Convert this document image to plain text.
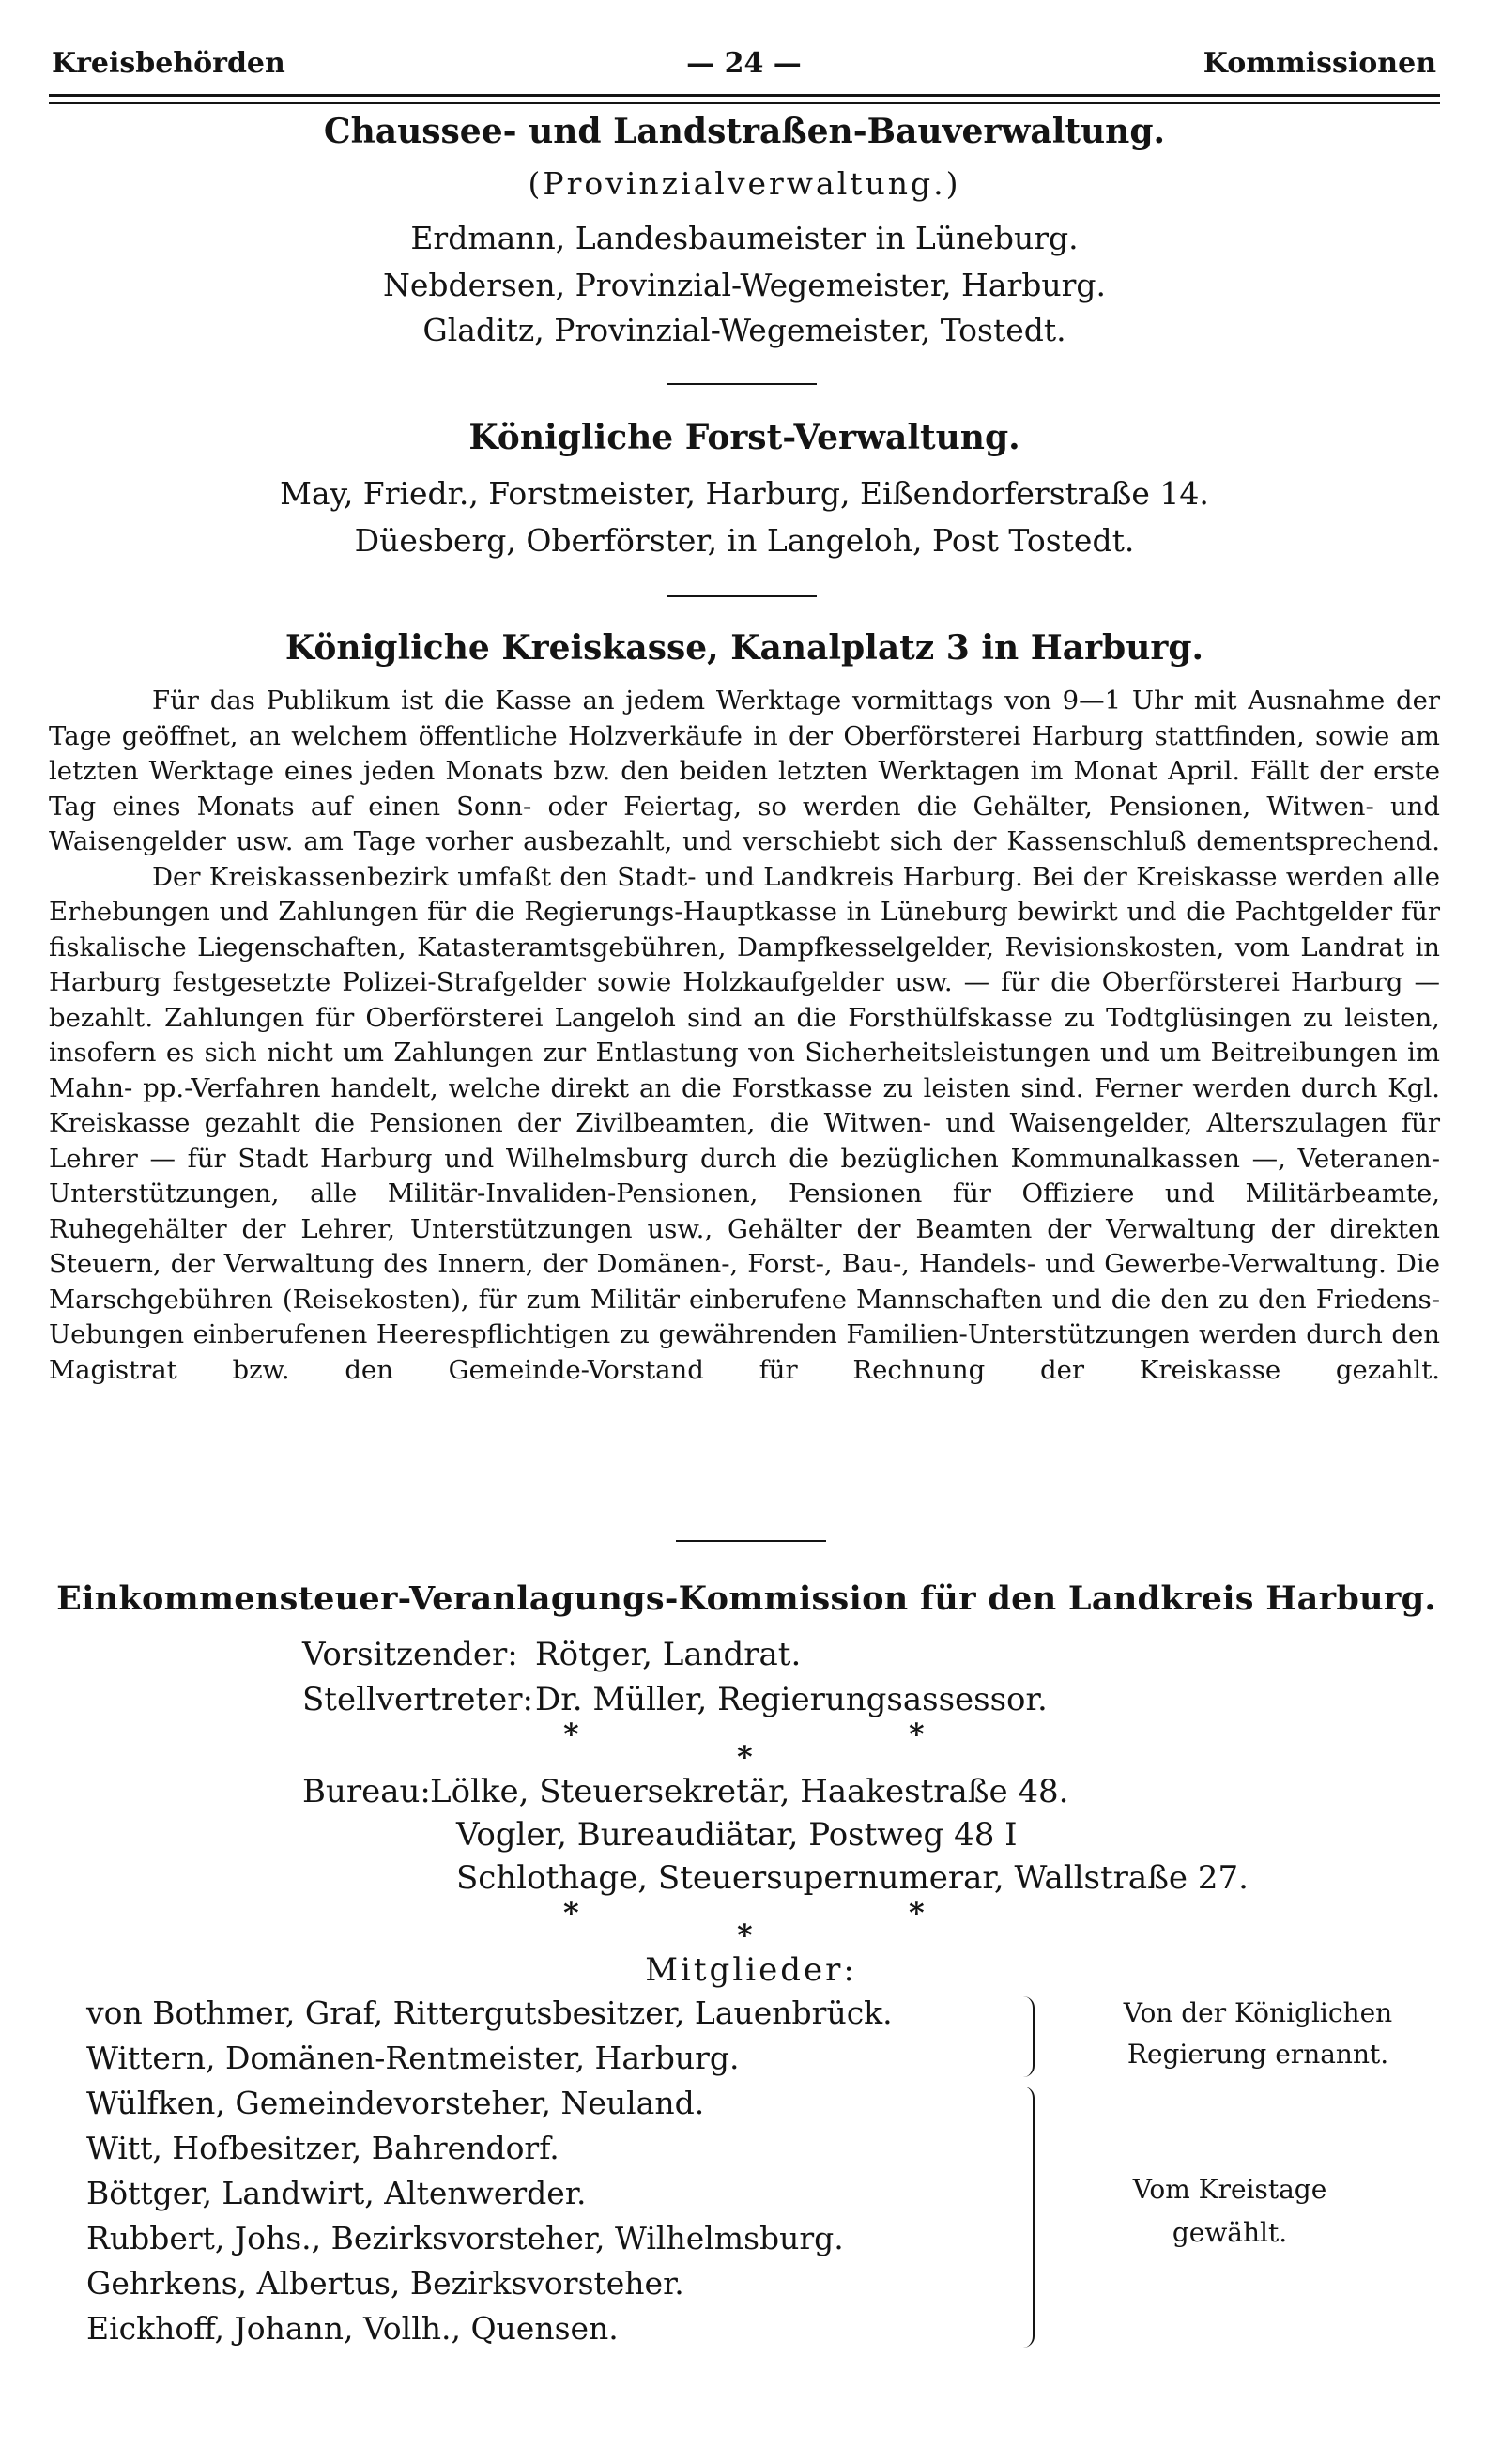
Kreisbehörden	— 24 —	Kommissionen
Chaussee- und Landstraßen-Bauverwaltung.
(Provinzialverwaltung.)
Erdmann, Landesbaumeister in Lüneburg.
Nebdersen, Provinzial-Wegemeister, Harburg.
Gladitz, Provinzial-Wegemeister, Tostedt.
Königliche Forst-Verwaltung.
May, Friedr., Forstmeister, Harburg, Eißendorferstraße 14.
Düesberg, Oberförster, in Langeloh, Post Tostedt.
Königliche Kreiskasse, Kanalplatz 3 in Harburg.

Für das Publikum ist die Kasse an jedem Werktage vormittags von 9—1 Uhr mit Ausnahme der Tage geöffnet, an welchem öffentliche Holzverkäufe in der Oberförsterei Harburg stattfinden, sowie am letzten Werktage eines jeden Monats bzw. den beiden letzten Werktagen im Monat April. Fällt der erste Tag eines Monats auf einen Sonn- oder Feiertag, so werden die Gehälter, Pensionen, Witwen- und Waisengelder usw. am Tage vorher ausbezahlt, und verschiebt sich der Kassenschluß dementsprechend.

Der Kreiskassenbezirk umfaßt den Stadt- und Landkreis Harburg. Bei der Kreiskasse werden alle Erhebungen und Zahlungen für die Regierungs-Hauptkasse in Lüneburg bewirkt und die Pachtgelder für fiskalische Liegenschaften, Katasteramtsgebühren, Dampfkesselgelder, Revisionskosten, vom Landrat in Harburg festgesetzte Polizei-Strafgelder sowie Holzkaufgelder usw. — für die Oberförsterei Harburg — bezahlt. Zahlungen für Oberförsterei Langeloh sind an die Forsthülfskasse zu Todtglüsingen zu leisten, insofern es sich nicht um Zahlungen zur Entlastung von Sicherheitsleistungen und um Beitreibungen im Mahn- pp.-Verfahren handelt, welche direkt an die Forstkasse zu leisten sind. Ferner werden durch Kgl. Kreiskasse gezahlt die Pensionen der Zivilbeamten, die Witwen- und Waisengelder, Alterszulagen für Lehrer — für Stadt Harburg und Wilhelmsburg durch die bezüglichen Kommunalkassen —, Veteranen-Unterstützungen, alle Militär-Invaliden-Pensionen, Pensionen für Offiziere und Militärbeamte, Ruhegehälter der Lehrer, Unterstützungen usw., Gehälter der Beamten der Verwaltung der direkten Steuern, der Verwaltung des Innern, der Domänen-, Forst-, Bau-, Handels- und Gewerbe-Verwaltung. Die Marschgebühren (Reisekosten), für zum Militär einberufene Mannschaften und die den zu den Friedens-Uebungen einberufenen Heerespflichtigen zu gewährenden Familien-Unterstützungen werden durch den Magistrat bzw. den Gemeinde-Vorstand für Rechnung der Kreiskasse gezahlt.

Einkommensteuer-Veranlagungs-Kommission für den Landkreis Harburg.
Vorsitzender: Rötger, Landrat.
Stellvertreter: Dr. Müller, Regierungsassessor.
*
*
*
Bureau: Lölke, Steuersekretär, Haakestraße 48.
Vogler, Bureaudiätar, Postweg 48 I
Schlothage, Steuersupernumerar, Wallstraße 27.
*
*
*
Mitglieder:
von Bothmer, Graf, Rittergutsbesitzer, Lauenbrück.
Wittern, Domänen-Rentmeister, Harburg.
Wülfken, Gemeindevorsteher, Neuland.
Witt, Hofbesitzer, Bahrendorf.
Böttger, Landwirt, Altenwerder.
Rubbert, Johs., Bezirksvorsteher, Wilhelmsburg.
Gehrkens, Albertus, Bezirksvorsteher.
Eickhoff, Johann, Vollh., Quensen.
Von der Königlichen
Regierung ernannt.
Vom Kreistage
gewählt.
